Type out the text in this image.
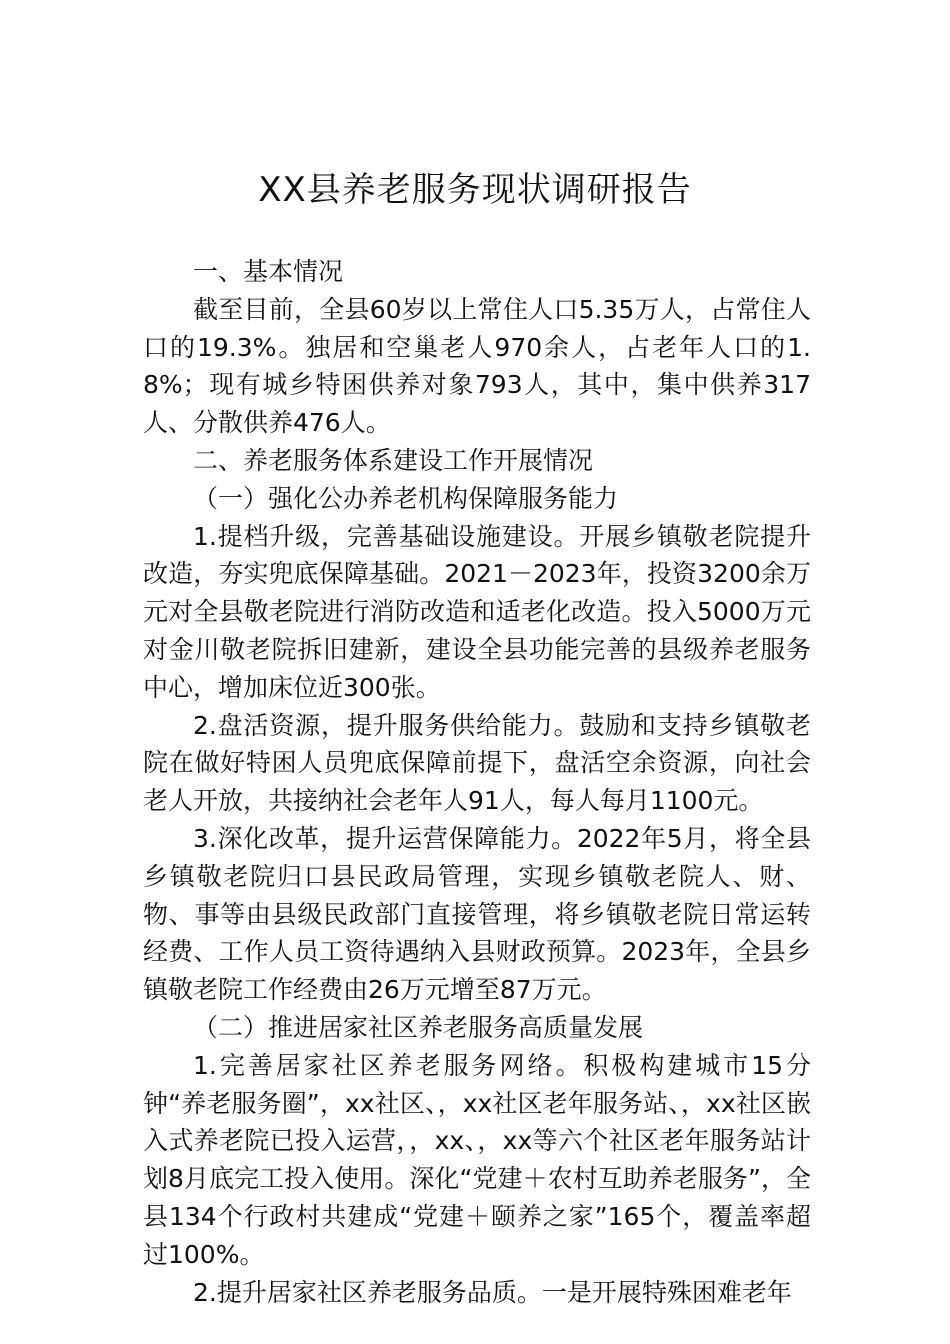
XX县养老服务现状调研报告

一、基本情况

截至目前，全县60岁以上常住人口5.35万人，占常住人口的19.3%。独居和空巢老人970余人，占老年人口的1.8%；现有城乡特困供养对象793人，其中，集中供养317人、分散供养476人。

二、养老服务体系建设工作开展情况

（一）强化公办养老机构保障服务能力

1.提档升级，完善基础设施建设。开展乡镇敬老院提升改造，夯实兜底保障基础。2021－2023年，投资3200余万元对全县敬老院进行消防改造和适老化改造。投入5000万元对金川敬老院拆旧建新，建设全县功能完善的县级养老服务中心，增加床位近300张。

2.盘活资源，提升服务供给能力。鼓励和支持乡镇敬老院在做好特困人员兜底保障前提下，盘活空余资源，向社会老人开放，共接纳社会老年人91人，每人每月1100元。

3.深化改革，提升运营保障能力。2022年5月，将全县乡镇敬老院归口县民政局管理，实现乡镇敬老院人、财、物、事等由县级民政部门直接管理，将乡镇敬老院日常运转经费、工作人员工资待遇纳入县财政预算。2023年，全县乡镇敬老院工作经费由26万元增至87万元。

（二）推进居家社区养老服务高质量发展

1.完善居家社区养老服务网络。积极构建城市15分钟“养老服务圈”，xx社区、，xx社区老年服务站、，xx社区嵌入式养老院已投入运营，，xx、，xx等六个社区老年服务站计划8月底完工投入使用。深化“党建＋农村互助养老服务”，全县134个行政村共建成“党建＋颐养之家”165个，覆盖率超过100%。

2.提升居家社区养老服务品质。一是开展特殊困难老年
